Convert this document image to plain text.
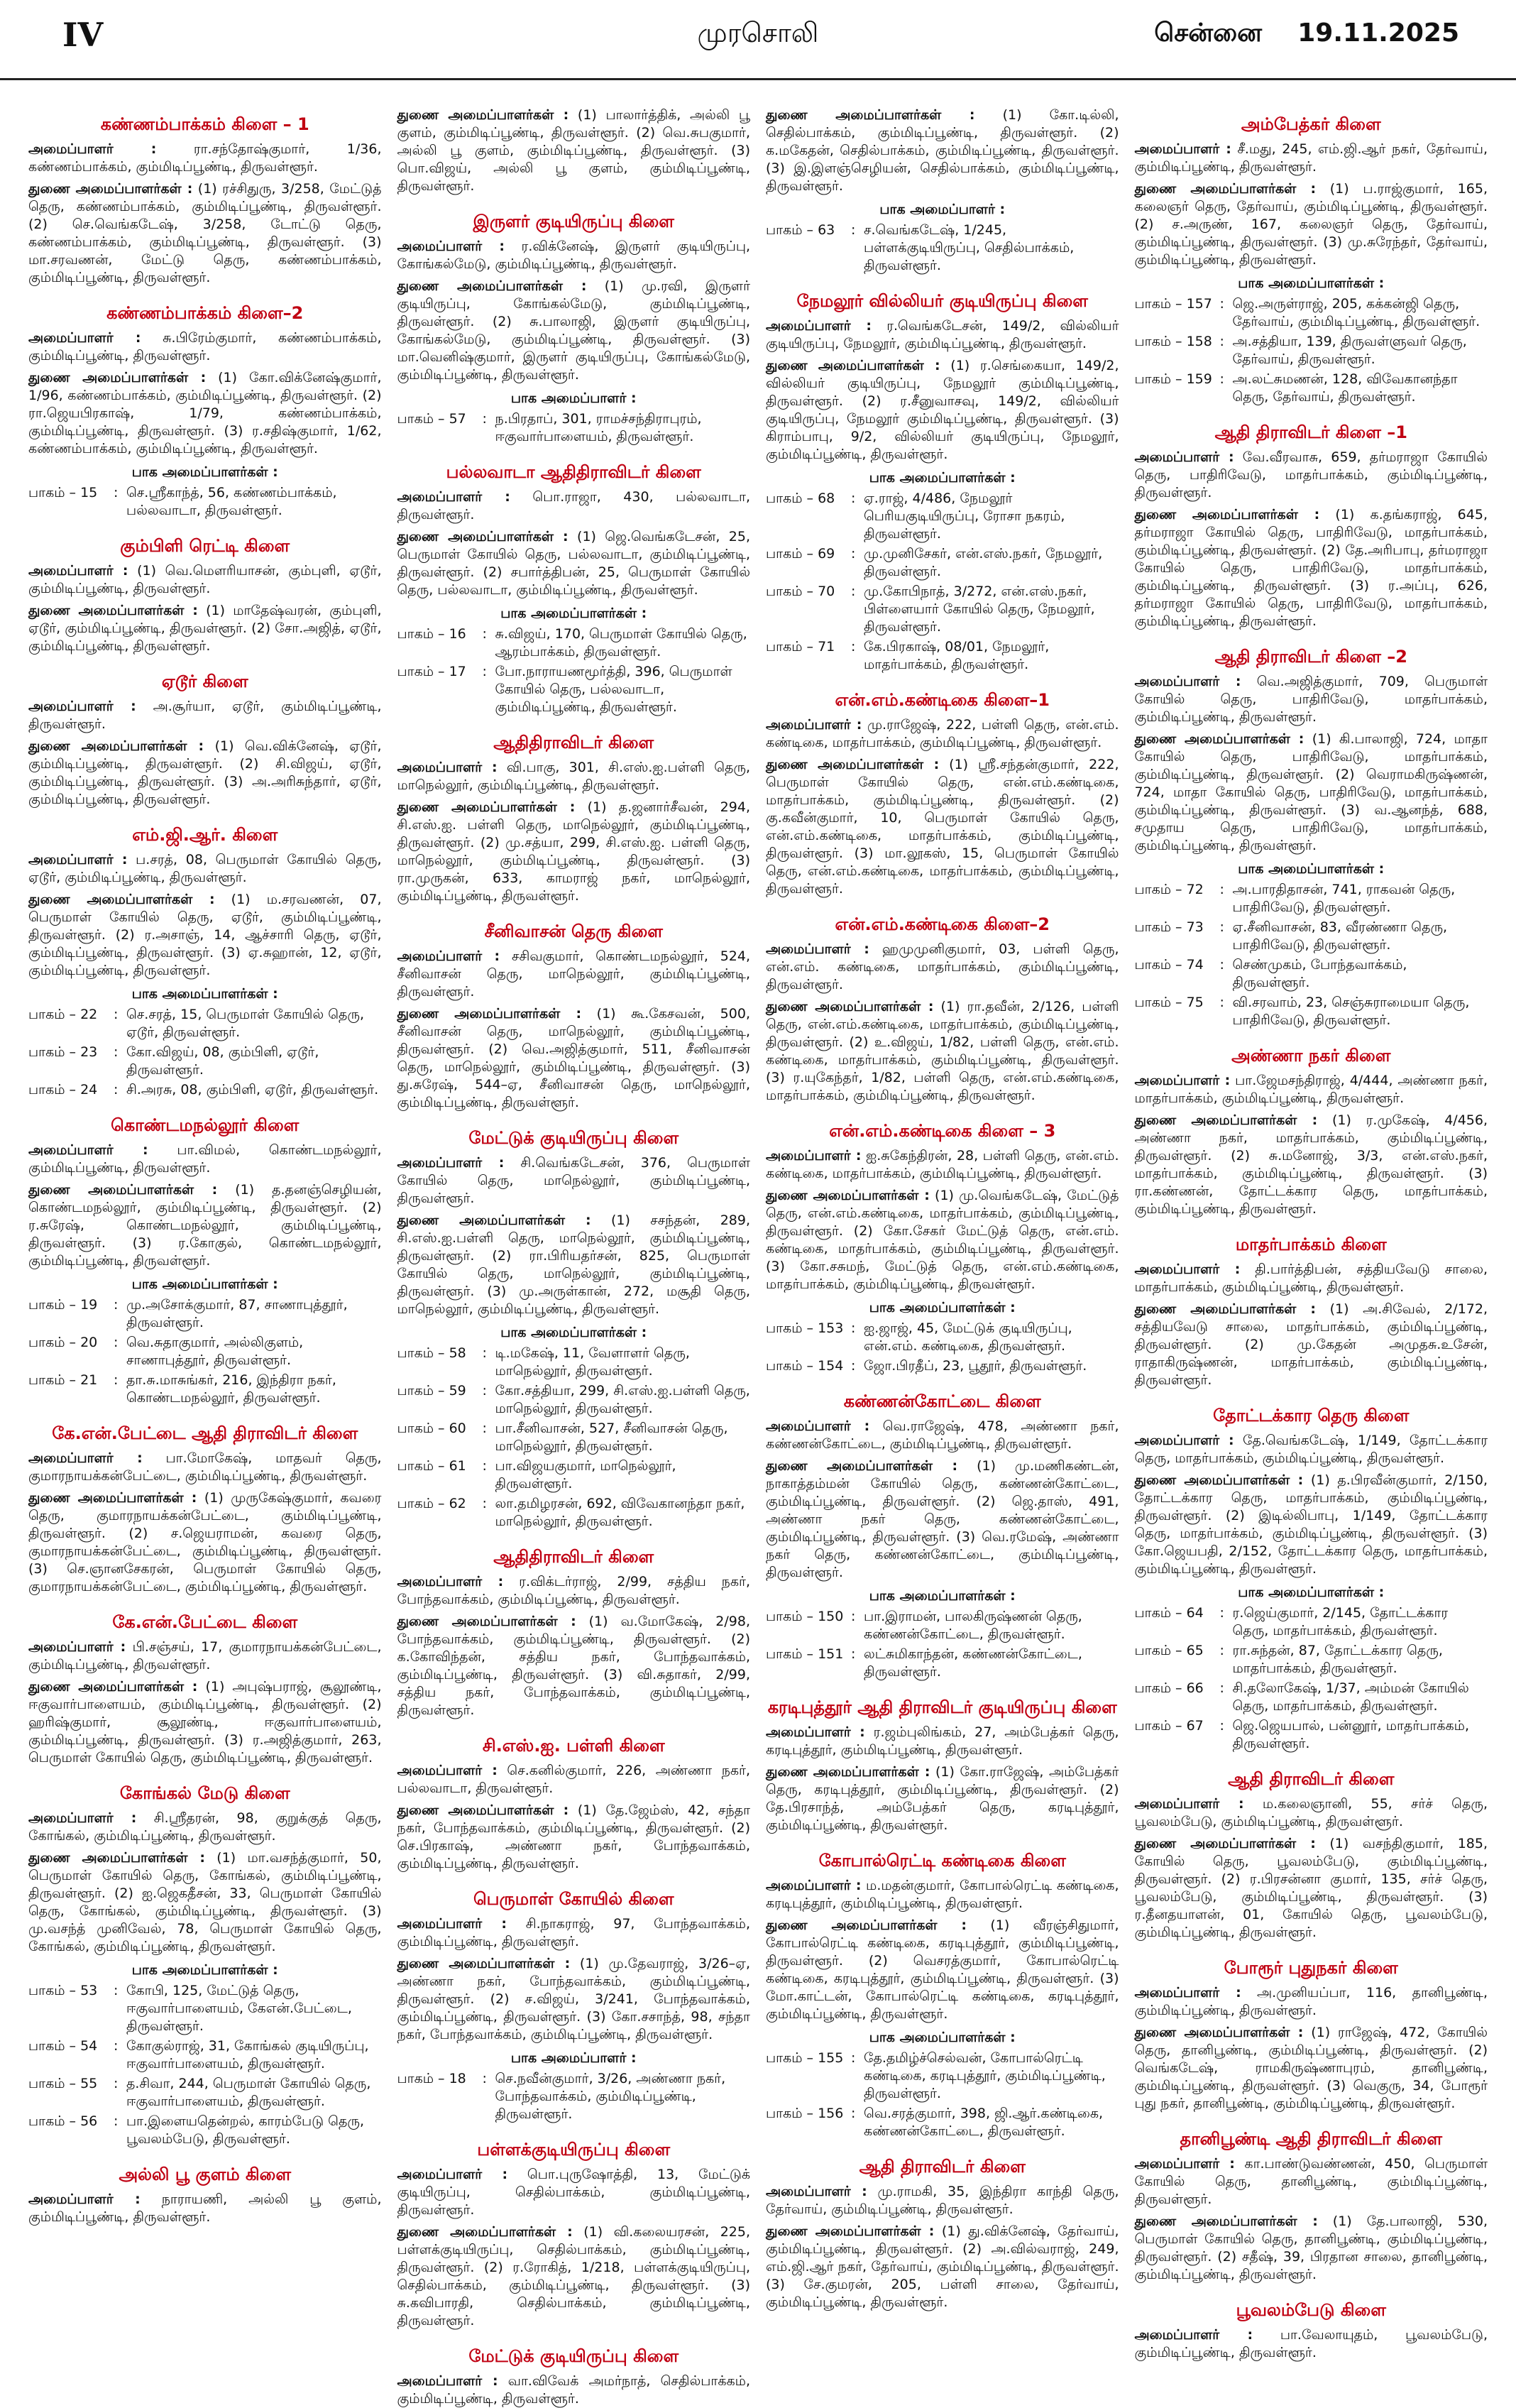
IV	முரசொலி	சென்னை 19.11.2025
கண்ணம்பாக்கம் கிளை – 1
அமைப்பாளர் :	ரா.சந்தோஷ்குமார், 1/36, கண்ணம்பாக்கம், கும்மிடிப்பூண்டி, திருவள்ளூர்.
துணை அமைப்பாளர்கள் : (1) ரச்சிதுரு, 3/258, மேட்டுத் தெரு, கண்ணம்பாக்கம், கும்மிடிப்பூண்டி, திருவள்ளூர். (2) செ.வெங்கடேஷ், 3/258, டோட்டு தெரு, கண்ணம்பாக்கம், கும்மிடிப்பூண்டி, திருவள்ளூர். (3) மா.சரவணன், மேட்டு தெரு, கண்ணம்பாக்கம், கும்மிடிப்பூண்டி, திருவள்ளூர்.
கண்ணம்பாக்கம் கிளை–2
அமைப்பாளர் : சு.பிரேம்குமார், கண்ணம்பாக்கம், கும்மிடிப்பூண்டி, திருவள்ளூர்.
துணை அமைப்பாளர்கள் : (1) கோ.விக்னேஷ்குமார், 1/96, கண்ணம்பாக்கம், கும்மிடிப்பூண்டி, திருவள்ளூர். (2) ரா.ஜெயபிரகாஷ், 1/79, கண்ணம்பாக்கம், கும்மிடிப்பூண்டி, திருவள்ளூர். (3) ர.சதிஷ்குமார், 1/62, கண்ணம்பாக்கம், கும்மிடிப்பூண்டி, திருவள்ளூர்.
பாக அமைப்பாளர்கள் :
பாகம் – 15	: செ.ஸ்ரீகாந்த், 56, கண்ணம்பாக்கம், பல்லவாடா, திருவள்ளூர்.
கும்பிளி ரெட்டி கிளை
அமைப்பாளர் : (1) வெ.மௌரியாசன், கும்புளி, ஏடூர், கும்மிடிப்பூண்டி, திருவள்ளூர்.
துணை அமைப்பாளர்கள் : (1) மாதேஷ்வரன், கும்புளி, ஏடூர், கும்மிடிப்பூண்டி, திருவள்ளூர். (2) சோ.அஜித், ஏடூர், கும்மிடிப்பூண்டி, திருவள்ளூர்.
ஏடூர் கிளை
அமைப்பாளர் : அ.சூர்யா, ஏடூர், கும்மிடிப்பூண்டி, திருவள்ளூர்.
துணை அமைப்பாளர்கள் : (1) வெ.விக்னேஷ், ஏடூர், கும்மிடிப்பூண்டி, திருவள்ளூர். (2) சி.விஜய், ஏடூர், கும்மிடிப்பூண்டி, திருவள்ளூர். (3) அ.அரிசுந்தார், ஏடூர், கும்மிடிப்பூண்டி, திருவள்ளூர்.
எம்.ஜி.ஆர். கிளை
அமைப்பாளர் : ப.சரத், 08, பெருமாள் கோயில் தெரு, ஏடூர், கும்மிடிப்பூண்டி, திருவள்ளூர்.
துணை அமைப்பாளர்கள் : (1) ம.சரவணன், 07, பெருமாள் கோயில் தெரு, ஏடூர், கும்மிடிப்பூண்டி, திருவள்ளூர். (2) ர.அசாஞ், 14, ஆச்சாரி தெரு, ஏடூர், கும்மிடிப்பூண்டி, திருவள்ளூர். (3) ஏ.சுஹான், 12, ஏடூர், கும்மிடிப்பூண்டி, திருவள்ளூர்.
பாக அமைப்பாளர்கள் :
பாகம் – 22	: செ.சரத், 15, பெருமாள் கோயில் தெரு, ஏடூர், திருவள்ளூர்.
பாகம் – 23	: கோ.விஜய், 08, கும்பிளி, ஏடூர், திருவள்ளூர்.
பாகம் – 24	: சி.அரசு, 08, கும்பிளி, ஏடூர், திருவள்ளூர்.
கொண்டமநல்லூர் கிளை
அமைப்பாளர் : பா.விமல், கொண்டமநல்லூர், கும்மிடிப்பூண்டி, திருவள்ளூர்.
துணை அமைப்பாளர்கள் : (1) த.தனஞ்செழியன், கொண்டமநல்லூர், கும்மிடிப்பூண்டி, திருவள்ளூர். (2) ர.சுரேஷ், கொண்டமநல்லூர், கும்மிடிப்பூண்டி, திருவள்ளூர். (3) ர.கோகுல், கொண்டமநல்லூர், கும்மிடிப்பூண்டி, திருவள்ளூர்.
பாக அமைப்பாளர்கள் :
பாகம் – 19	: மு.அசோக்குமார், 87, சாணாபுத்தூர், திருவள்ளூர்.
பாகம் – 20	: வெ.சுதாகுமார், அல்லிகுளம், சாணாபுத்தூர், திருவள்ளூர்.
பாகம் – 21	: தா.சு.மாசுங்கர், 216, இந்திரா நகர், கொண்டமநல்லூர், திருவள்ளூர்.
கே.என்.பேட்டை ஆதி திராவிடர் கிளை
அமைப்பாளர் : பா.மோகேஷ், மாதவர் தெரு, குமாரநாயக்கன்பேட்டை, கும்மிடிப்பூண்டி, திருவள்ளூர்.
துணை அமைப்பாளர்கள் : (1) முருகேஷ்குமார், கவரை தெரு, குமாரநாயக்கன்பேட்டை, கும்மிடிப்பூண்டி, திருவள்ளூர். (2) ச.ஜெயராமன், கவரை தெரு, குமாரநாயக்கன்பேட்டை, கும்மிடிப்பூண்டி, திருவள்ளூர். (3) செ.ஞானசேகரன், பெருமாள் கோயில் தெரு, குமாரநாயக்கன்பேட்டை, கும்மிடிப்பூண்டி, திருவள்ளூர்.
கே.என்.பேட்டை கிளை
அமைப்பாளர் : பி.சஞ்சய், 17, குமாரநாயக்கன்பேட்டை, கும்மிடிப்பூண்டி, திருவள்ளூர்.
துணை அமைப்பாளர்கள் : (1) அபுஷ்பராஜ், சூலூண்டி, ஈகுவார்பாளையம், கும்மிடிப்பூண்டி, திருவள்ளூர். (2) ஹரிஷ்குமார், சூலூண்டி, ஈகுவார்பாளையம், கும்மிடிப்பூண்டி, திருவள்ளூர். (3) ர.அஜித்குமார், 263, பெருமாள் கோயில் தெரு, கும்மிடிப்பூண்டி, திருவள்ளூர்.
கோங்கல் மேடு கிளை
அமைப்பாளர் : சி.ஸ்ரீதரன், 98, குறுக்குத் தெரு, கோங்கல், கும்மிடிப்பூண்டி, திருவள்ளூர்.
துணை அமைப்பாளர்கள் : (1) மா.வசந்த்குமார், 50, பெருமாள் கோயில் தெரு, கோங்கல், கும்மிடிப்பூண்டி, திருவள்ளூர். (2) ஐ.ஜெகதீசன், 33, பெருமாள் கோயில் தெரு, கோங்கல், கும்மிடிப்பூண்டி, திருவள்ளூர். (3) மு.வசந்த் முனிவேல், 78, பெருமாள் கோயில் தெரு, கோங்கல், கும்மிடிப்பூண்டி, திருவள்ளூர்.
பாக அமைப்பாளர்கள் :
பாகம் – 53	: கோபி, 125, மேட்டுத் தெரு, ஈகுவார்பாளையம், கேஎன்.பேட்டை, திருவள்ளூர்.
பாகம் – 54	: கோகுல்ராஜ், 31, கோங்கல் குடியிருப்பு, ஈகுவார்பாளையம், திருவள்ளூர்.
பாகம் – 55	: த.சிவா, 244, பெருமாள் கோயில் தெரு, ஈகுவார்பாளையம், திருவள்ளூர்.
பாகம் – 56	: பா.இளையதென்றல், காரம்பேடு தெரு, பூவலம்பேடு, திருவள்ளூர்.
அல்லி பூ குளம் கிளை
அமைப்பாளர் : நாராயணி, அல்லி பூ குளம், கும்மிடிப்பூண்டி, திருவள்ளூர்.
துணை அமைப்பாளர்கள் : (1) பாலார்த்திக், அல்லி பூ குளம், கும்மிடிப்பூண்டி, திருவள்ளூர். (2) வெ.சுபகுமார், அல்லி பூ குளம், கும்மிடிப்பூண்டி, திருவள்ளூர். (3) பொ.விஜய், அல்லி பூ குளம், கும்மிடிப்பூண்டி, திருவள்ளூர்.
இருளர் குடியிருப்பு கிளை
அமைப்பாளர் : ர.விக்னேஷ், இருளர் குடியிருப்பு, கோங்கல்மேடு, கும்மிடிப்பூண்டி, திருவள்ளூர்.
துணை அமைப்பாளர்கள் : (1) மு.ரவி, இருளர் குடியிருப்பு, கோங்கல்மேடு, கும்மிடிப்பூண்டி, திருவள்ளூர். (2) சு.பாலாஜி, இருளர் குடியிருப்பு, கோங்கல்மேடு, கும்மிடிப்பூண்டி, திருவள்ளூர். (3) மா.வெனிஷ்குமார், இருளர் குடியிருப்பு, கோங்கல்மேடு, கும்மிடிப்பூண்டி, திருவள்ளூர்.
பாக அமைப்பாளர் :
பாகம் – 57	: ந.பிரதாப், 301, ராமச்சந்திராபுரம், ஈகுவார்பாளையம், திருவள்ளூர்.
பல்லவாடா ஆதிதிராவிடர் கிளை
அமைப்பாளர் : பொ.ராஜா, 430, பல்லவாடா, திருவள்ளூர்.
துணை அமைப்பாளர்கள் : (1) ஜெ.வெங்கடேசன், 25, பெருமாள் கோயில் தெரு, பல்லவாடா, கும்மிடிப்பூண்டி, திருவள்ளூர். (2) சபார்த்திபன், 25, பெருமாள் கோயில் தெரு, பல்லவாடா, கும்மிடிப்பூண்டி, திருவள்ளூர்.
பாக அமைப்பாளர்கள் :
பாகம் – 16	: சு.விஜய், 170, பெருமாள் கோயில் தெரு, ஆரம்பாக்கம், திருவள்ளூர்.
பாகம் – 17	: போ.நாராயணமூர்த்தி, 396, பெருமாள் கோயில் தெரு, பல்லவாடா, கும்மிடிப்பூண்டி, திருவள்ளூர்.
ஆதிதிராவிடர் கிளை
அமைப்பாளர் : வி.பாகு, 301, சி.எஸ்.ஐ.பள்ளி தெரு, மாநெல்லூர், கும்மிடிப்பூண்டி, திருவள்ளூர்.
துணை அமைப்பாளர்கள் : (1) த.ஜனார்சீவன், 294, சி.எஸ்.ஐ. பள்ளி தெரு, மாநெல்லூர், கும்மிடிப்பூண்டி, திருவள்ளூர். (2) மு.சத்யா, 299, சி.எஸ்.ஐ. பள்ளி தெரு, மாநெல்லூர், கும்மிடிப்பூண்டி, திருவள்ளூர். (3) ரா.முருகன், 633, காமராஜ் நகர், மாநெல்லூர், கும்மிடிப்பூண்டி, திருவள்ளூர்.
சீனிவாசன் தெரு கிளை
அமைப்பாளர் : சசிவகுமார், கொண்டமநல்லூர், 524, சீனிவாசன் தெரு, மாநெல்லூர், கும்மிடிப்பூண்டி, திருவள்ளூர்.
துணை அமைப்பாளர்கள் : (1) கூ.கேசவன், 500, சீனிவாசன் தெரு, மாநெல்லூர், கும்மிடிப்பூண்டி, திருவள்ளூர். (2) வெ.அஜித்குமார், 511, சீனிவாசன் தெரு, மாநெல்லூர், கும்மிடிப்பூண்டி, திருவள்ளூர். (3) து.சுரேஷ், 544–ஏ, சீனிவாசன் தெரு, மாநெல்லூர், கும்மிடிப்பூண்டி, திருவள்ளூர்.
மேட்டுக் குடியிருப்பு கிளை
அமைப்பாளர் : சி.வெங்கடேசன், 376, பெருமாள் கோயில் தெரு, மாநெல்லூர், கும்மிடிப்பூண்டி, திருவள்ளூர்.
துணை அமைப்பாளர்கள் : (1) சசந்தன், 289, சி.எஸ்.ஐ.பள்ளி தெரு, மாநெல்லூர், கும்மிடிப்பூண்டி, திருவள்ளூர். (2) ரா.பிரியதர்சன், 825, பெருமாள் கோயில் தெரு, மாநெல்லூர், கும்மிடிப்பூண்டி, திருவள்ளூர். (3) மு.அருள்கான், 272, மசூதி தெரு, மாநெல்லூர், கும்மிடிப்பூண்டி, திருவள்ளூர்.
பாக அமைப்பாளர்கள் :
பாகம் – 58	: டி.மகேஷ், 11, வேளாளர் தெரு, மாநெல்லூர், திருவள்ளூர்.
பாகம் – 59	: கோ.சத்தியா, 299, சி.எஸ்.ஐ.பள்ளி தெரு, மாநெல்லூர், திருவள்ளூர்.
பாகம் – 60	: பா.சீனிவாசன், 527, சீனிவாசன் தெரு, மாநெல்லூர், திருவள்ளூர்.
பாகம் – 61	: பா.விஜயகுமார், மாநெல்லூர், திருவள்ளூர்.
பாகம் – 62	: லா.தமிழரசன், 692, விவேகானந்தா நகர், மாநெல்லூர், திருவள்ளூர்.
ஆதிதிராவிடர் கிளை
அமைப்பாளர் : ர.விக்டர்ராஜ், 2/99, சத்திய நகர், போந்தவாக்கம், கும்மிடிப்பூண்டி, திருவள்ளூர்.
துணை அமைப்பாளர்கள் : (1) வ.மோகேஷ், 2/98, போந்தவாக்கம், கும்மிடிப்பூண்டி, திருவள்ளூர். (2) க.கோவிந்தன், சத்திய நகர், போந்தவாக்கம், கும்மிடிப்பூண்டி, திருவள்ளூர். (3) வி.சுதாகர், 2/99, சத்திய நகர், போந்தவாக்கம், கும்மிடிப்பூண்டி, திருவள்ளூர்.
சி.எஸ்.ஐ. பள்ளி கிளை
அமைப்பாளர் : செ.கனில்குமார், 226, அண்ணா நகர், பல்லவாடா, திருவள்ளூர்.
துணை அமைப்பாளர்கள் : (1) தே.ஜேம்ஸ், 42, சந்தா நகர், போந்தவாக்கம், கும்மிடிப்பூண்டி, திருவள்ளூர். (2) செ.பிரகாஷ், அண்ணா நகர், போந்தவாக்கம், கும்மிடிப்பூண்டி, திருவள்ளூர்.
பெருமாள் கோயில் கிளை
அமைப்பாளர் : சி.நாகராஜ், 97, போந்தவாக்கம், கும்மிடிப்பூண்டி, திருவள்ளூர்.
துணை அமைப்பாளர்கள் : (1) மு.தேவராஜ், 3/26–ஏ, அண்ணா நகர், போந்தவாக்கம், கும்மிடிப்பூண்டி, திருவள்ளூர். (2) ச.விஜய், 3/241, போந்தவாக்கம், கும்மிடிப்பூண்டி, திருவள்ளூர். (3) கோ.சசாந்த், 98, சந்தா நகர், போந்தவாக்கம், கும்மிடிப்பூண்டி, திருவள்ளூர்.
பாக அமைப்பாளர் :
பாகம் – 18	: செ.நவீன்குமார், 3/26, அண்ணா நகர், போந்தவாக்கம், கும்மிடிப்பூண்டி, திருவள்ளூர்.
பள்ளக்குடியிருப்பு கிளை
அமைப்பாளர் : பொ.புருஷோத்தி, 13, மேட்டுக் குடியிருப்பு, செதில்பாக்கம், கும்மிடிப்பூண்டி, திருவள்ளூர்.
துணை அமைப்பாளர்கள் : (1) வி.கலையரசன், 225, பள்ளக்குடியிருப்பு, செதில்பாக்கம், கும்மிடிப்பூண்டி, திருவள்ளூர். (2) ர.ரோகித், 1/218, பள்ளக்குடியிருப்பு, செதில்பாக்கம், கும்மிடிப்பூண்டி, திருவள்ளூர். (3) சு.கவிபாரதி, செதில்பாக்கம், கும்மிடிப்பூண்டி, திருவள்ளூர்.
மேட்டுக் குடியிருப்பு கிளை
அமைப்பாளர் : வா.விவேக் அமர்நாத், செதில்பாக்கம், கும்மிடிப்பூண்டி, திருவள்ளூர்.
துணை அமைப்பாளர்கள் : (1) கோ.டில்லி, செதில்பாக்கம், கும்மிடிப்பூண்டி, திருவள்ளூர். (2) க.மகேதன், செதில்பாக்கம், கும்மிடிப்பூண்டி, திருவள்ளூர். (3) இ.இளஞ்செழியன், செதில்பாக்கம், கும்மிடிப்பூண்டி, திருவள்ளூர்.
பாக அமைப்பாளர் :
பாகம் – 63	: ச.வெங்கடேஷ், 1/245, பள்ளக்குடியிருப்பு, செதில்பாக்கம், திருவள்ளூர்.
நேமலூர் வில்லியர் குடியிருப்பு கிளை
அமைப்பாளர் : ர.வெங்கடேசன், 149/2, வில்லியர் குடியிருப்பு, நேமலூர், கும்மிடிப்பூண்டி, திருவள்ளூர்.
துணை அமைப்பாளர்கள் : (1) ர.செங்கையா, 149/2, வில்லியர் குடியிருப்பு, நேமலூர் கும்மிடிப்பூண்டி, திருவள்ளூர். (2) ர.சீனுவாசவு, 149/2, வில்லியர் குடியிருப்பு, நேமலூர் கும்மிடிப்பூண்டி, திருவள்ளூர். (3) கிராம்பாபு, 9/2, வில்லியர் குடியிருப்பு, நேமலூர், கும்மிடிப்பூண்டி, திருவள்ளூர்.
பாக அமைப்பாளர்கள் :
பாகம் – 68	: ஏ.ராஜ், 4/486, நேமலூர் பெரியகுடியிருப்பு, ரோசா நகரம், திருவள்ளூர்.
பாகம் – 69	: மு.முனிசேகர், என்.எஸ்.நகர், நேமலூர், திருவள்ளூர்.
பாகம் – 70	: மு.கோபிநாத், 3/272, என்.எஸ்.நகர், பிள்ளையார் கோயில் தெரு, நேமலூர், திருவள்ளூர்.
பாகம் – 71	: கே.பிரகாஷ், 08/01, நேமலூர், மாதர்பாக்கம், திருவள்ளூர்.
என்.எம்.கண்டிகை கிளை–1
அமைப்பாளர் : மு.ராஜேஷ், 222, பள்ளி தெரு, என்.எம். கண்டிகை, மாதர்பாக்கம், கும்மிடிப்பூண்டி, திருவள்ளூர்.
துணை அமைப்பாளர்கள் : (1) ஸ்ரீ.சந்தன்குமார், 222, பெருமாள் கோயில் தெரு, என்.எம்.கண்டிகை, மாதர்பாக்கம், கும்மிடிப்பூண்டி, திருவள்ளூர். (2) கு.கவீன்குமார், 10, பெருமாள் கோயில் தெரு, என்.எம்.கண்டிகை, மாதர்பாக்கம், கும்மிடிப்பூண்டி, திருவள்ளூர். (3) மா.லூகஸ், 15, பெருமாள் கோயில் தெரு, என்.எம்.கண்டிகை, மாதர்பாக்கம், கும்மிடிப்பூண்டி, திருவள்ளூர்.
என்.எம்.கண்டிகை கிளை–2
அமைப்பாளர் : ஹமுமுனிகுமார், 03, பள்ளி தெரு, என்.எம். கண்டிகை, மாதர்பாக்கம், கும்மிடிப்பூண்டி, திருவள்ளூர்.
துணை அமைப்பாளர்கள் : (1) ரா.தவீன், 2/126, பள்ளி தெரு, என்.எம்.கண்டிகை, மாதர்பாக்கம், கும்மிடிப்பூண்டி, திருவள்ளூர். (2) உ.விஜய், 1/82, பள்ளி தெரு, என்.எம். கண்டிகை, மாதர்பாக்கம், கும்மிடிப்பூண்டி, திருவள்ளூர். (3) ர.யுகேந்தர், 1/82, பள்ளி தெரு, என்.எம்.கண்டிகை, மாதர்பாக்கம், கும்மிடிப்பூண்டி, திருவள்ளூர்.
என்.எம்.கண்டிகை கிளை – 3
அமைப்பாளர் : ஐ.சுகேந்திரன், 28, பள்ளி தெரு, என்.எம். கண்டிகை, மாதர்பாக்கம், கும்மிடிப்பூண்டி, திருவள்ளூர்.
துணை அமைப்பாளர்கள் : (1) மு.வெங்கடேஷ், மேட்டுத் தெரு, என்.எம்.கண்டிகை, மாதர்பாக்கம், கும்மிடிப்பூண்டி, திருவள்ளூர். (2) கோ.சேகர் மேட்டுத் தெரு, என்.எம். கண்டிகை, மாதர்பாக்கம், கும்மிடிப்பூண்டி, திருவள்ளூர். (3) கோ.சசுமந், மேட்டுத் தெரு, என்.எம்.கண்டிகை, மாதர்பாக்கம், கும்மிடிப்பூண்டி, திருவள்ளூர்.
பாக அமைப்பாளர்கள் :
பாகம் – 153 : ஐ.ஜாஜ், 45, மேட்டுக் குடியிருப்பு, என்.எம். கண்டிகை, திருவள்ளூர்.
பாகம் – 154 : ஜோ.பிரதீப், 23, பூதூர், திருவள்ளூர்.
கண்ணன்கோட்டை கிளை
அமைப்பாளர் : வெ.ராஜேஷ், 478, அண்ணா நகர், கண்ணன்கோட்டை, கும்மிடிப்பூண்டி, திருவள்ளூர்.
துணை அமைப்பாளர்கள் : (1) மு.மணிகண்டன், நாகாத்தம்மன் கோயில் தெரு, கண்ணன்கோட்டை, கும்மிடிப்பூண்டி, திருவள்ளூர். (2) ஜெ.தாஸ், 491, அண்ணா நகர் தெரு, கண்ணன்கோட்டை, கும்மிடிப்பூண்டி, திருவள்ளூர். (3) வெ.ரமேஷ், அண்ணா நகர் தெரு, கண்ணன்கோட்டை, கும்மிடிப்பூண்டி, திருவள்ளூர்.
பாக அமைப்பாளர்கள் :
பாகம் – 150 : பா.இராமன், பாலகிருஷ்ணன் தெரு, கண்ணன்கோட்டை, திருவள்ளூர்.
பாகம் – 151 : லட்சுமிகாந்தன், கண்ணன்கோட்டை, திருவள்ளூர்.
கரடிபுத்தூர் ஆதி திராவிடர் குடியிருப்பு கிளை
அமைப்பாளர் : ர.ஜம்புலிங்கம், 27, அம்பேத்கர் தெரு, கரடிபுத்தூர், கும்மிடிப்பூண்டி, திருவள்ளூர்.
துணை அமைப்பாளர்கள் : (1) கோ.ராஜேஷ், அம்பேத்கர் தெரு, கரடிபுத்தூர், கும்மிடிப்பூண்டி, திருவள்ளூர். (2) தே.பிரசாந்த், அம்பேத்கர் தெரு, கரடிபுத்தூர், கும்மிடிப்பூண்டி, திருவள்ளூர்.
கோபால்ரெட்டி கண்டிகை கிளை
அமைப்பாளர் : ம.மதன்குமார், கோபால்ரெட்டி கண்டிகை, கரடிபுத்தூர், கும்மிடிப்பூண்டி, திருவள்ளூர்.
துணை அமைப்பாளர்கள் : (1) வீரஞ்சிதுமார், கோபால்ரெட்டி கண்டிகை, கரடிபுத்தூர், கும்மிடிப்பூண்டி, திருவள்ளூர். (2) வெசரத்குமார், கோபால்ரெட்டி கண்டிகை, கரடிபுத்தூர், கும்மிடிப்பூண்டி, திருவள்ளூர். (3) மோ.காட்டன், கோபால்ரெட்டி கண்டிகை, கரடிபுத்தூர், கும்மிடிப்பூண்டி, திருவள்ளூர்.
பாக அமைப்பாளர்கள் :
பாகம் – 155 : தே.தமிழ்ச்செல்வன், கோபால்ரெட்டி கண்டிகை, கரடிபுத்தூர், கும்மிடிப்பூண்டி, திருவள்ளூர்.
பாகம் – 156 : வெ.சரத்குமார், 398, ஜி.ஆர்.கண்டிகை, கண்ணன்கோட்டை, திருவள்ளூர்.
ஆதி திராவிடர் கிளை
அமைப்பாளர் : மு.ராமகி, 35, இந்திரா காந்தி தெரு, தேர்வாய், கும்மிடிப்பூண்டி, திருவள்ளூர்.
துணை அமைப்பாளர்கள் : (1) து.விக்னேஷ், தேர்வாய், கும்மிடிப்பூண்டி, திருவள்ளூர். (2) அ.வில்வராஜ், 249, எம்.ஜி.ஆர் நகர், தேர்வாய், கும்மிடிப்பூண்டி, திருவள்ளூர். (3) சே.குமரன், 205, பள்ளி சாலை, தேர்வாய், கும்மிடிப்பூண்டி, திருவள்ளூர்.
அம்பேத்கர் கிளை
அமைப்பாளர் : சீ.மது, 245, எம்.ஜி.ஆர் நகர், தேர்வாய், கும்மிடிப்பூண்டி, திருவள்ளூர்.
துணை அமைப்பாளர்கள் : (1) ப.ராஜ்குமார், 165, கலைஞர் தெரு, தேர்வாய், கும்மிடிப்பூண்டி, திருவள்ளூர். (2) ச.அருண், 167, கலைஞர் தெரு, தேர்வாய், கும்மிடிப்பூண்டி, திருவள்ளூர். (3) மு.சுரேந்தர், தேர்வாய், கும்மிடிப்பூண்டி, திருவள்ளூர்.
பாக அமைப்பாளர்கள் :
பாகம் – 157 : ஜெ.அருள்ராஜ், 205, கக்கன்ஜி தெரு, தேர்வாய், கும்மிடிப்பூண்டி, திருவள்ளூர்.
பாகம் – 158 : அ.சத்தியா, 139, திருவள்ளுவர் தெரு, தேர்வாய், திருவள்ளூர்.
பாகம் – 159 : அ.லட்சுமணன், 128, விவேகானந்தா தெரு, தேர்வாய், திருவள்ளூர்.
ஆதி திராவிடர் கிளை –1
அமைப்பாளர் : வே.வீரவாசு, 659, தர்மராஜா கோயில் தெரு, பாதிரிவேடு, மாதர்பாக்கம், கும்மிடிப்பூண்டி, திருவள்ளூர்.
துணை அமைப்பாளர்கள் : (1) க.தங்கராஜ், 645, தர்மராஜா கோயில் தெரு, பாதிரிவேடு, மாதர்பாக்கம், கும்மிடிப்பூண்டி, திருவள்ளூர். (2) தே.அரிபாபு, தர்மராஜா கோயில் தெரு, பாதிரிவேடு, மாதர்பாக்கம், கும்மிடிப்பூண்டி, திருவள்ளூர். (3) ர.அப்பு, 626, தர்மராஜா கோயில் தெரு, பாதிரிவேடு, மாதர்பாக்கம், கும்மிடிப்பூண்டி, திருவள்ளூர்.
ஆதி திராவிடர் கிளை –2
அமைப்பாளர் : வெ.அஜித்குமார், 709, பெருமாள் கோயில் தெரு, பாதிரிவேடு, மாதர்பாக்கம், கும்மிடிப்பூண்டி, திருவள்ளூர்.
துணை அமைப்பாளர்கள் : (1) கி.பாலாஜி, 724, மாதா கோயில் தெரு, பாதிரிவேடு, மாதர்பாக்கம், கும்மிடிப்பூண்டி, திருவள்ளூர். (2) வெராமகிருஷ்ணன், 724, மாதா கோயில் தெரு, பாதிரிவேடு, மாதர்பாக்கம், கும்மிடிப்பூண்டி, திருவள்ளூர். (3) வ.ஆனந்த், 688, சமுதாய தெரு, பாதிரிவேடு, மாதர்பாக்கம், கும்மிடிப்பூண்டி, திருவள்ளூர்.
பாக அமைப்பாளர்கள் :
பாகம் – 72	: அ.பாரதிதாசன், 741, ராகவன் தெரு, பாதிரிவேடு, திருவள்ளூர்.
பாகம் – 73	: ஏ.சீனிவாசன், 83, வீரண்ணா தெரு, பாதிரிவேடு, திருவள்ளூர்.
பாகம் – 74	: செண்முகம், போந்தவாக்கம், திருவள்ளூர்.
பாகம் – 75	: வி.சரவாம், 23, செஞ்சுராமையா தெரு, பாதிரிவேடு, திருவள்ளூர்.
அண்ணா நகர் கிளை
அமைப்பாளர் : பா.ஜேமசந்திராஜ், 4/444, அண்ணா நகர், மாதர்பாக்கம், கும்மிடிப்பூண்டி, திருவள்ளூர்.
துணை அமைப்பாளர்கள் : (1) ர.முகேஷ், 4/456, அண்ணா நகர், மாதர்பாக்கம், கும்மிடிப்பூண்டி, திருவள்ளூர். (2) சு.மனோஜ், 3/3, என்.எஸ்.நகர், மாதர்பாக்கம், கும்மிடிப்பூண்டி, திருவள்ளூர். (3) ரா.கண்ணன், தோட்டக்கார தெரு, மாதர்பாக்கம், கும்மிடிப்பூண்டி, திருவள்ளூர்.
மாதர்பாக்கம் கிளை
அமைப்பாளர் : தி.பார்த்திபன், சத்தியவேடு சாலை, மாதர்பாக்கம், கும்மிடிப்பூண்டி, திருவள்ளூர்.
துணை அமைப்பாளர்கள் : (1) அ.சிவேல், 2/172, சத்தியவேடு சாலை, மாதர்பாக்கம், கும்மிடிப்பூண்டி, திருவள்ளூர். (2) மு.கேதன் அமுதசு.உசேன், ராதாகிருஷ்ணன், மாதர்பாக்கம், கும்மிடிப்பூண்டி, திருவள்ளூர்.
தோட்டக்கார தெரு கிளை
அமைப்பாளர் : தே.வெங்கடேஷ், 1/149, தோட்டக்கார தெரு, மாதர்பாக்கம், கும்மிடிப்பூண்டி, திருவள்ளூர்.
துணை அமைப்பாளர்கள் : (1) த.பிரவீன்குமார், 2/150, தோட்டக்கார தெரு, மாதர்பாக்கம், கும்மிடிப்பூண்டி, திருவள்ளூர். (2) இடில்லிபாபு, 1/149, தோட்டக்கார தெரு, மாதர்பாக்கம், கும்மிடிப்பூண்டி, திருவள்ளூர். (3) கோ.ஜெயபதி, 2/152, தோட்டக்கார தெரு, மாதர்பாக்கம், கும்மிடிப்பூண்டி, திருவள்ளூர்.
பாக அமைப்பாளர்கள் :
பாகம் – 64	: ர.ஜெய்குமார், 2/145, தோட்டக்கார தெரு, மாதர்பாக்கம், திருவள்ளூர்.
பாகம் – 65	: ரா.சுந்தன், 87, தோட்டக்கார தெரு, மாதர்பாக்கம், திருவள்ளூர்.
பாகம் – 66	: சி.தலோகேஷ், 1/37, அம்மன் கோயில் தெரு, மாதர்பாக்கம், திருவள்ளூர்.
பாகம் – 67	: ஜெ.ஜெயபால், பன்னூர், மாதர்பாக்கம், திருவள்ளூர்.
ஆதி திராவிடர் கிளை
அமைப்பாளர் : ம.கலைஞானி, 55, சர்ச் தெரு, பூவலம்பேடு, கும்மிடிப்பூண்டி, திருவள்ளூர்.
துணை அமைப்பாளர்கள் : (1) வசந்திகுமார், 185, கோயில் தெரு, பூவலம்பேடு, கும்மிடிப்பூண்டி, திருவள்ளூர். (2) ர.பிரசன்னா குமார், 135, சர்ச் தெரு, பூவலம்பேடு, கும்மிடிப்பூண்டி, திருவள்ளூர். (3) ர.தீனதயாளன், 01, கோயில் தெரு, பூவலம்பேடு, கும்மிடிப்பூண்டி, திருவள்ளூர்.
போரூர் புதுநகர் கிளை
அமைப்பாளர் : அ.முனியப்பா, 116, தானிபூண்டி, கும்மிடிப்பூண்டி, திருவள்ளூர்.
துணை அமைப்பாளர்கள் : (1) ராஜேஷ், 472, கோயில் தெரு, தானிபூண்டி, கும்மிடிப்பூண்டி, திருவள்ளூர். (2) வெங்கடேஷ், ராமகிருஷ்ணாபுரம், தானிபூண்டி, கும்மிடிப்பூண்டி, திருவள்ளூர். (3) வெகுரு, 34, போரூர் புது நகர், தானிபூண்டி, கும்மிடிப்பூண்டி, திருவள்ளூர்.
தானிபூண்டி ஆதி திராவிடர் கிளை
அமைப்பாளர் : கா.பாண்டுவண்ணன், 450, பெருமாள் கோயில் தெரு, தானிபூண்டி, கும்மிடிப்பூண்டி, திருவள்ளூர்.
துணை அமைப்பாளர்கள் : (1) தே.பாலாஜி, 530, பெருமாள் கோயில் தெரு, தானிபூண்டி, கும்மிடிப்பூண்டி, திருவள்ளூர். (2) சதீஷ், 39, பிரதான சாலை, தானிபூண்டி, கும்மிடிப்பூண்டி, திருவள்ளூர்.
பூவலம்பேடு கிளை
அமைப்பாளர் : பா.வேலாயுதம், பூவலம்பேடு, கும்மிடிப்பூண்டி, திருவள்ளூர்.
